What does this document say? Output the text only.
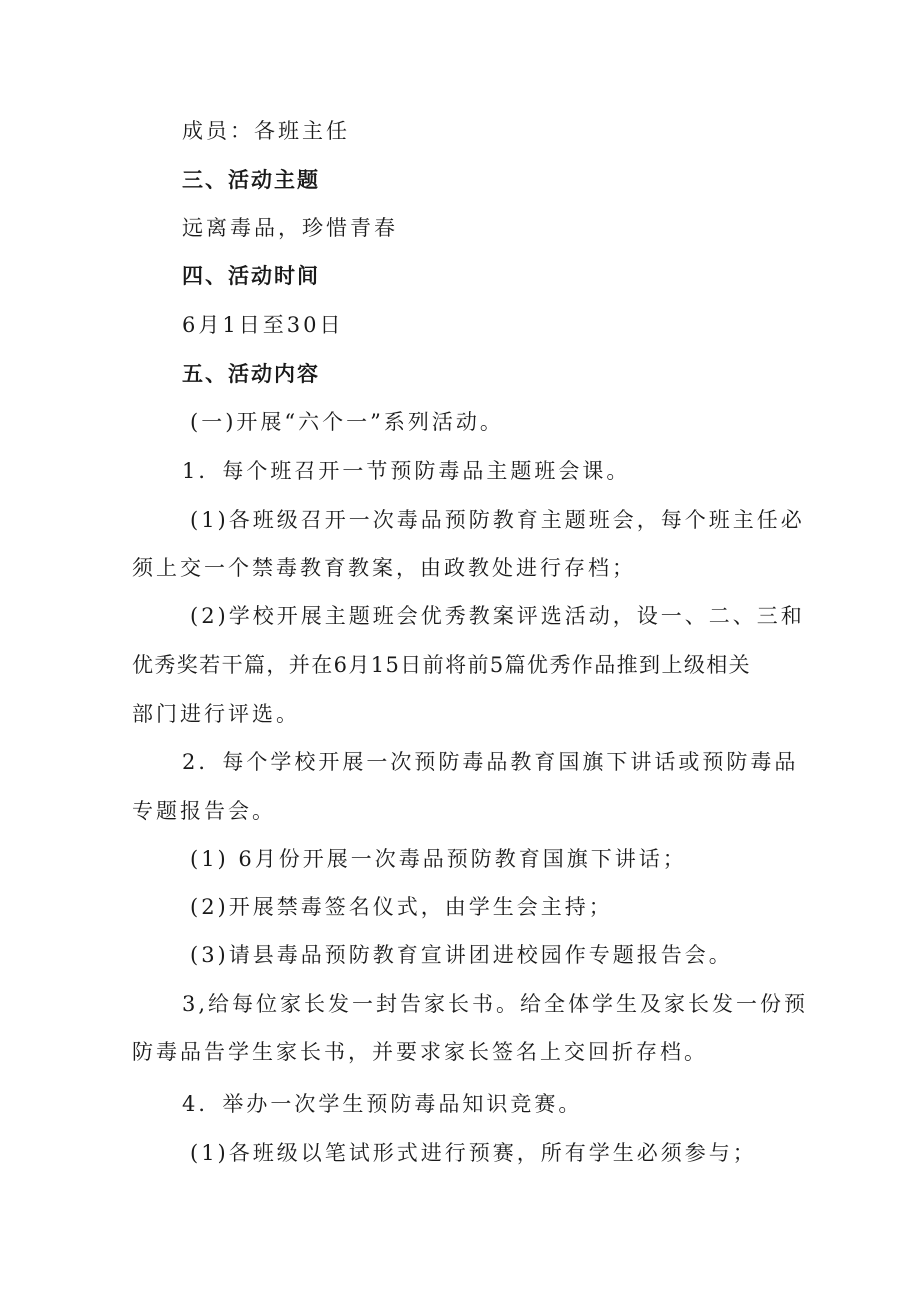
成员：各班主任
三、活动主题
远离毒品，珍惜青春
四、活动时间
6月1日至30日
五、活动内容
(一)开展“六个一”系列活动。
1．每个班召开一节预防毒品主题班会课。
(1)各班级召开一次毒品预防教育主题班会，每个班主任必
须上交一个禁毒教育教案，由政教处进行存档；
(2)学校开展主题班会优秀教案评选活动，设一、二、三和
优秀奖若干篇，并在6月15日前将前5篇优秀作品推到上级相关
部门进行评选。
2．每个学校开展一次预防毒品教育国旗下讲话或预防毒品
专题报告会。
(1) 6月份开展一次毒品预防教育国旗下讲话；
(2)开展禁毒签名仪式，由学生会主持；
(3)请县毒品预防教育宣讲团进校园作专题报告会。
3,给每位家长发一封告家长书。给全体学生及家长发一份预
防毒品告学生家长书，并要求家长签名上交回折存档。
4．举办一次学生预防毒品知识竞赛。
(1)各班级以笔试形式进行预赛，所有学生必须参与；
